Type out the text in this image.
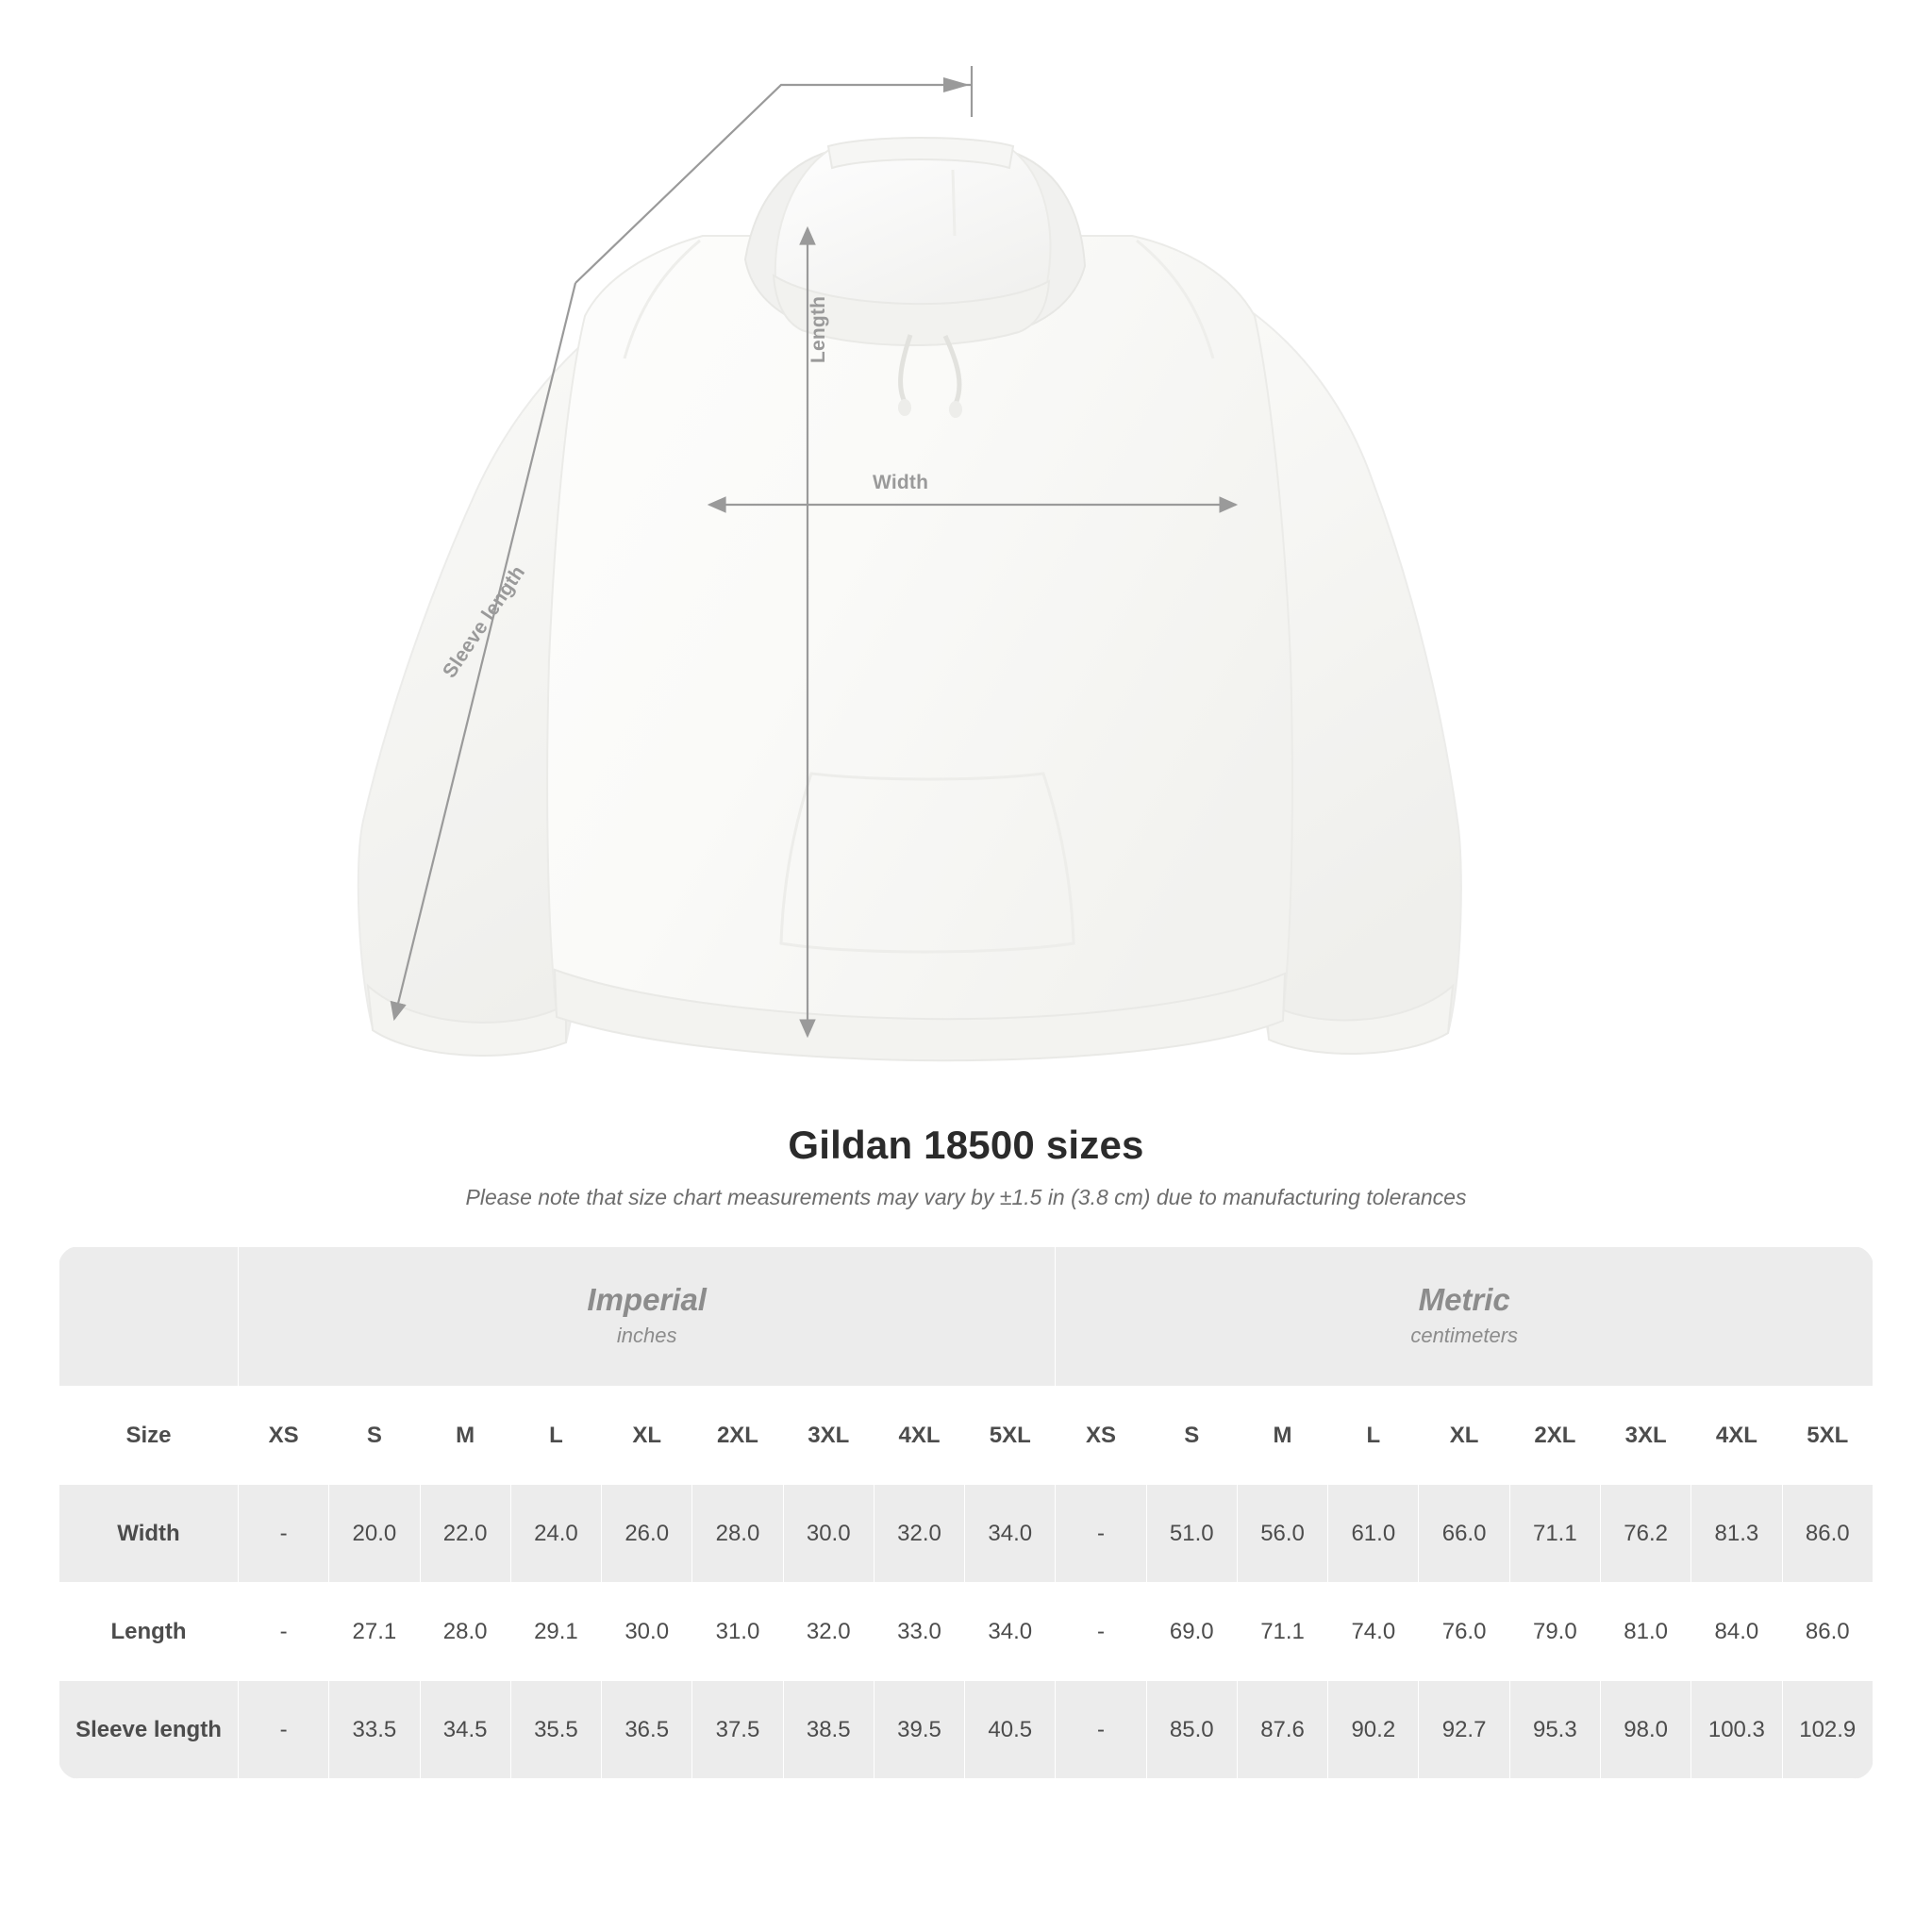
Length
Width
Sleeve length
Gildan 18500 sizes
Please note that size chart measurements may vary by ±1.5 in (3.8 cm) due to manufacturing tolerances

Imperial
inches

Metric
centimeters

Size	XS	S	M	L	XL	2XL	3XL	4XL	5XL	XS	S	M	L	XL	2XL	3XL	4XL	5XL
Width	-	20.0	22.0	24.0	26.0	28.0	30.0	32.0	34.0	-	51.0	56.0	61.0	66.0	71.1	76.2	81.3	86.0
Length	-	27.1	28.0	29.1	30.0	31.0	32.0	33.0	34.0	-	69.0	71.1	74.0	76.0	79.0	81.0	84.0	86.0
Sleeve length	-	33.5	34.5	35.5	36.5	37.5	38.5	39.5	40.5	-	85.0	87.6	90.2	92.7	95.3	98.0	100.3	102.9
